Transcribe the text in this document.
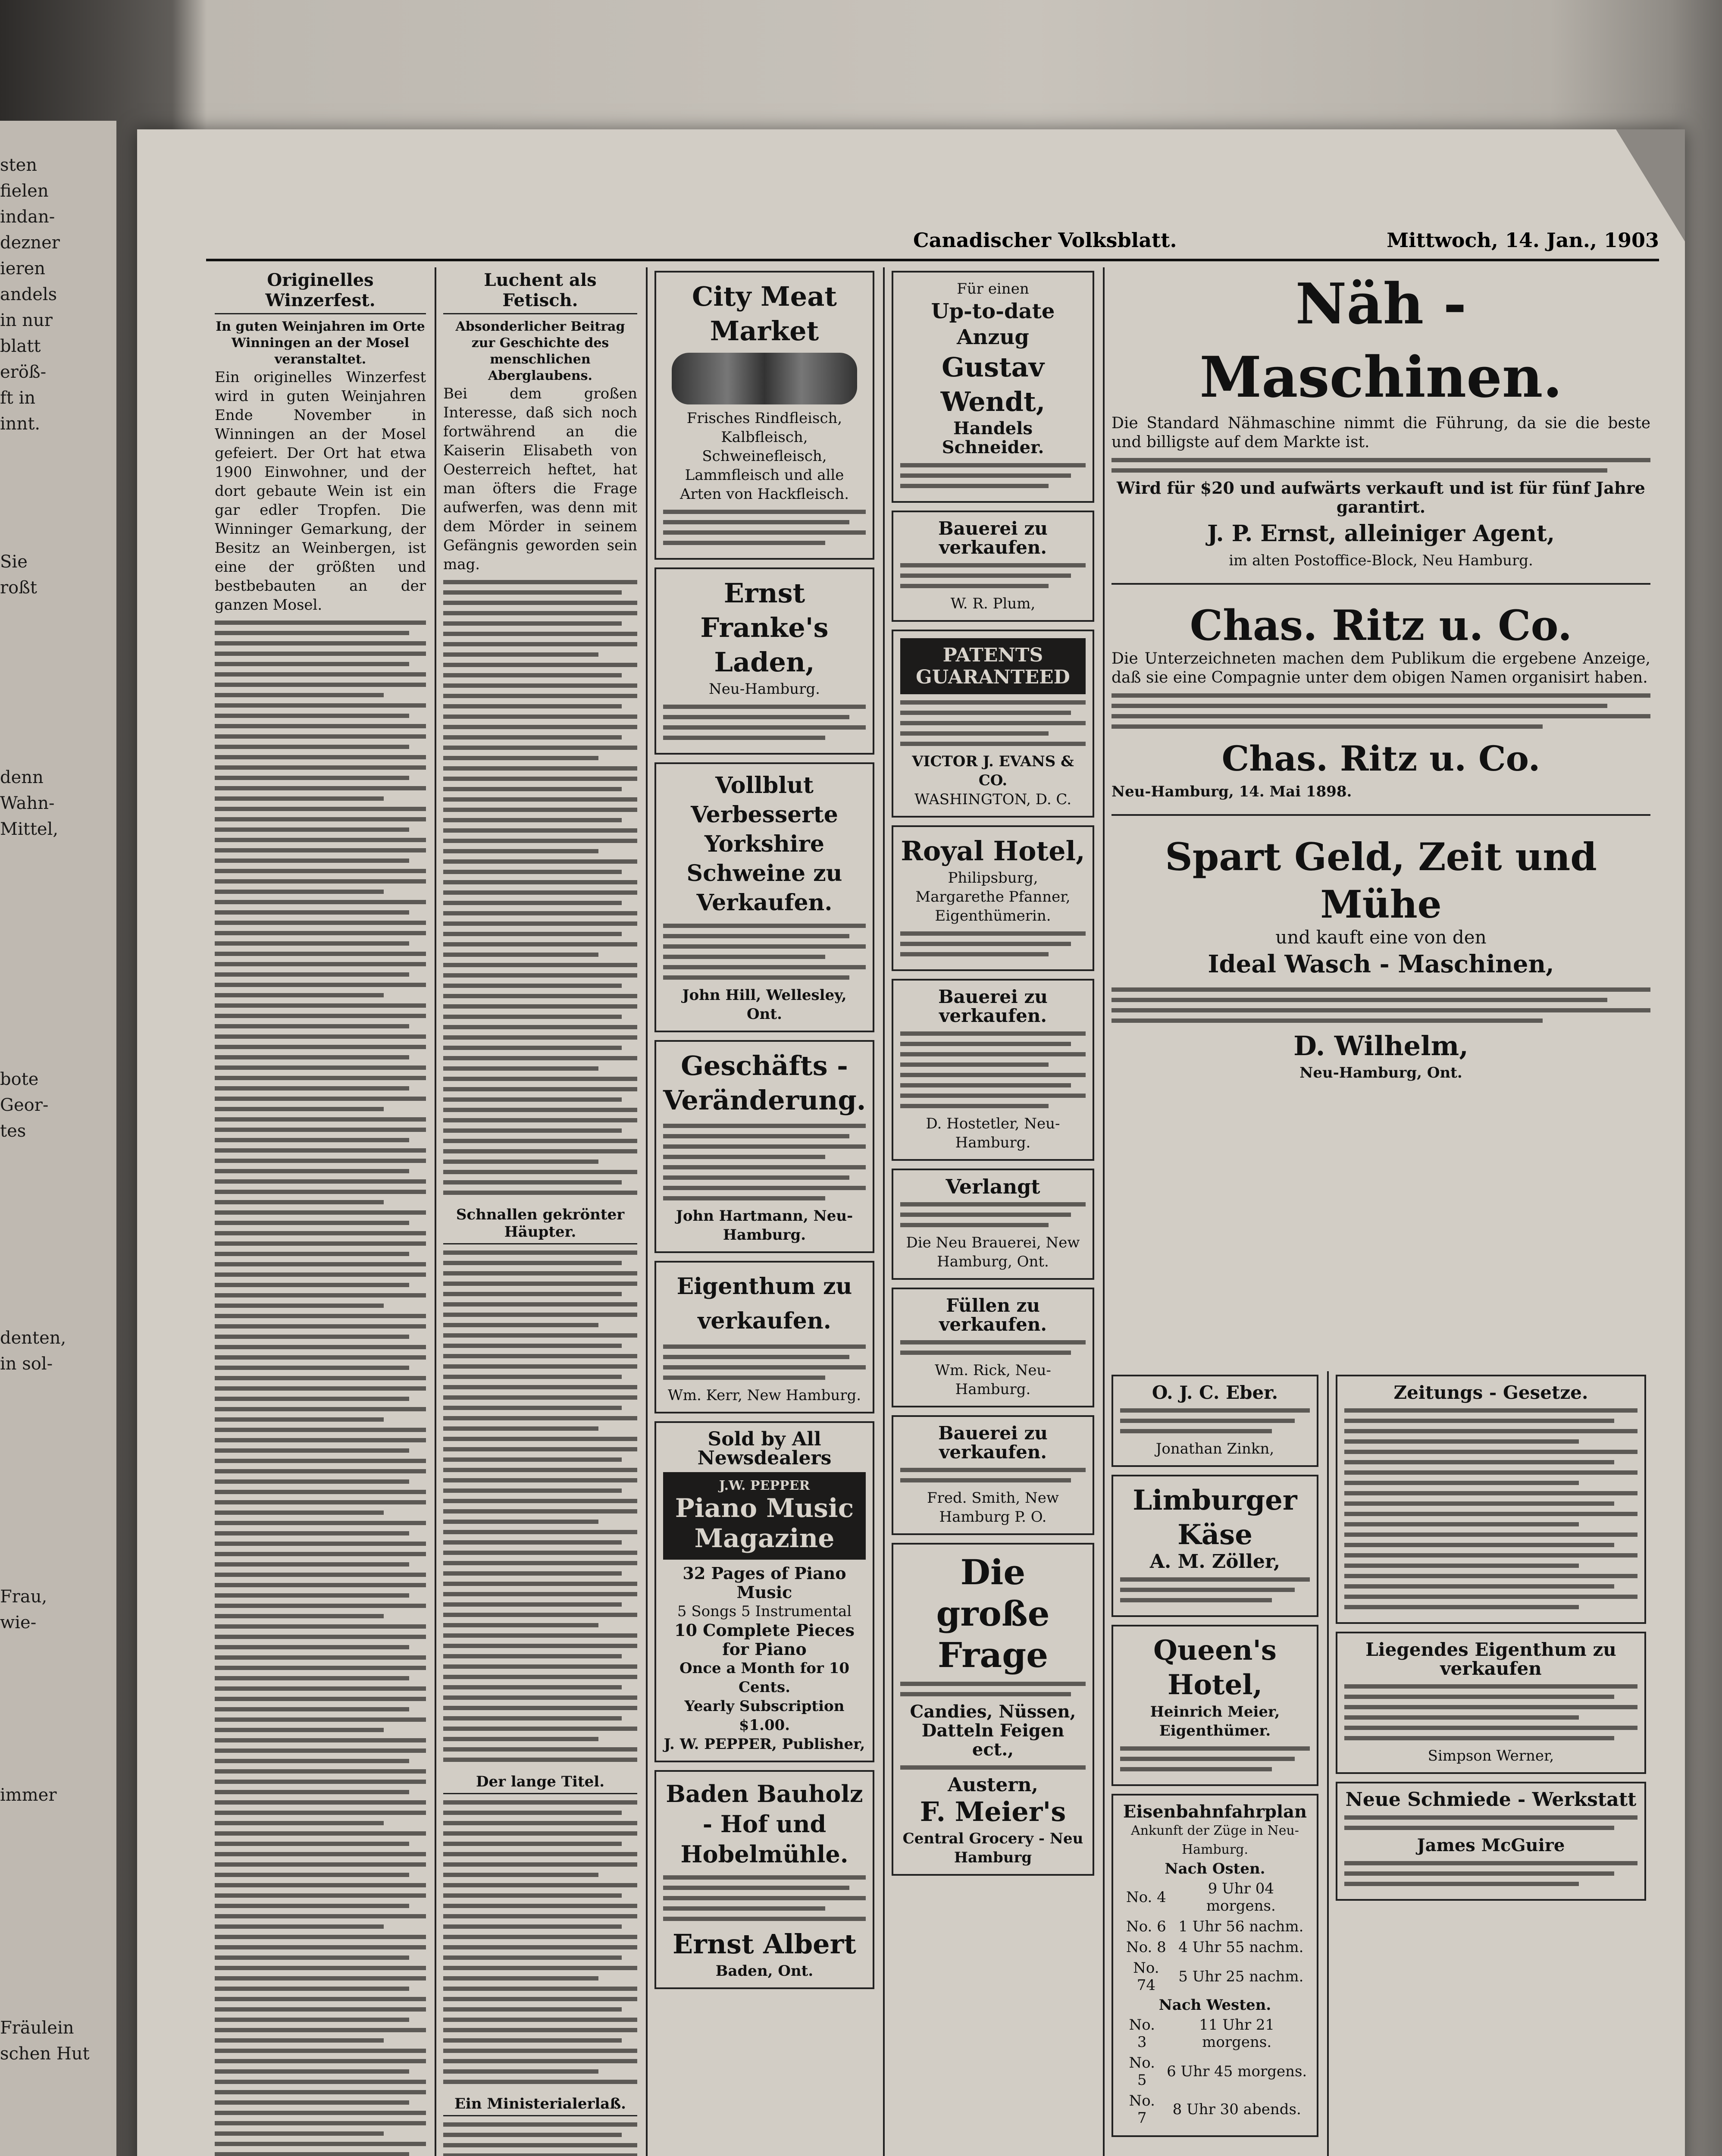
sten
fielen
indan-
dezner
ieren
andels
in nur
blatt
eröß-
ft in
innt.
Sie
roßt
denn
Wahn-
Mittel,
bote
Geor-
tes
denten,
in sol-
Frau,
wie-
immer
Fräulein
schen Hut
Canadischer Volksblatt.	Mittwoch, 14. Jan., 1903
Originelles Winzerfest.
In guten Weinjahren im Orte Winningen an der Mosel veranstaltet.
Ein originelles Winzerfest wird in guten Weinjahren Ende November in Winningen an der Mosel gefeiert. Der Ort hat etwa 1900 Einwohner, und der dort gebaute Wein ist ein gar edler Tropfen. Die Winninger Gemarkung, der Besitz an Weinbergen, ist eine der größten und bestbebauten an der ganzen Mosel.
Luchent als Fetisch.
Absonderlicher Beitrag zur Geschichte des menschlichen Aberglaubens.
Bei dem großen Interesse, daß sich noch fortwährend an die Kaiserin Elisabeth von Oesterreich heftet, hat man öfters die Frage aufwerfen, was denn mit dem Mörder in seinem Gefängnis geworden sein mag.
Schnallen gekrönter Häupter.
Der lange Titel.
Ein Ministerialerlaß.
City Meat Market
Frisches Rindfleisch, Kalbfleisch, Schweinefleisch, Lammfleisch und alle Arten von Hackfleisch.
Ernst Franke's Laden,
Neu-Hamburg.
Vollblut Verbesserte Yorkshire Schweine zu Verkaufen.
John Hill, Wellesley, Ont.
Geschäfts - Veränderung.
John Hartmann, Neu-Hamburg.
Eigenthum zu verkaufen.
Wm. Kerr, New Hamburg.
Sold by All Newsdealers
J.W. PEPPER
Piano Music Magazine
32 Pages of Piano Music
5 Songs 5 Instrumental
10 Complete Pieces for Piano
Once a Month for 10 Cents.
Yearly Subscription $1.00.
J. W. PEPPER, Publisher,
Baden Bauholz - Hof und Hobelmühle.
Ernst Albert
Baden, Ont.
Für einen
Up-to-date Anzug
Gustav Wendt,
Handels Schneider.
Bauerei zu verkaufen.
W. R. Plum,
PATENTS GUARANTEED
VICTOR J. EVANS & CO.
WASHINGTON, D. C.
Royal Hotel,
Philipsburg,
Margarethe Pfanner, Eigenthümerin.
Bauerei zu verkaufen.
D. Hostetler, Neu-Hamburg.
Verlangt
Die Neu Brauerei, New Hamburg, Ont.
Füllen zu verkaufen.
Wm. Rick, Neu-Hamburg.
Bauerei zu verkaufen.
Fred. Smith, New Hamburg P. O.
Die große Frage
Candies, Nüssen,
Datteln Feigen ect.,
Austern,
F. Meier's
Central Grocery - Neu Hamburg
Näh - Maschinen.
Die Standard Nähmaschine nimmt die Führung, da sie die beste und billigste auf dem Markte ist.
Wird für $20 und aufwärts verkauft und ist für fünf Jahre garantirt.
J. P. Ernst, alleiniger Agent,
im alten Postoffice-Block, Neu Hamburg.
Chas. Ritz u. Co.
Die Unterzeichneten machen dem Publikum die ergebene Anzeige, daß sie eine Compagnie unter dem obigen Namen organisirt haben.
Chas. Ritz u. Co.
Neu-Hamburg, 14. Mai 1898.
Spart Geld, Zeit und Mühe
und kauft eine von den
Ideal Wasch - Maschinen,
D. Wilhelm,
Neu-Hamburg, Ont.
O. J. C. Eber.
Jonathan Zinkn,
Limburger Käse
A. M. Zöller,
Queen's Hotel,
Heinrich Meier, Eigenthümer.
Eisenbahnfahrplan
Ankunft der Züge in Neu-Hamburg.
Nach Osten.
No. 4	9 Uhr 04 morgens.
No. 6	1 Uhr 56 nachm.
No. 8	4 Uhr 55 nachm.
No. 74	5 Uhr 25 nachm.
Nach Westen.
No. 3	11 Uhr 21 morgens.
No. 5	6 Uhr 45 morgens.
No. 7	8 Uhr 30 abends.
Zeitungs - Gesetze.
Liegendes Eigenthum zu verkaufen
Simpson Werner,
Neue Schmiede - Werkstatt
James McGuire
